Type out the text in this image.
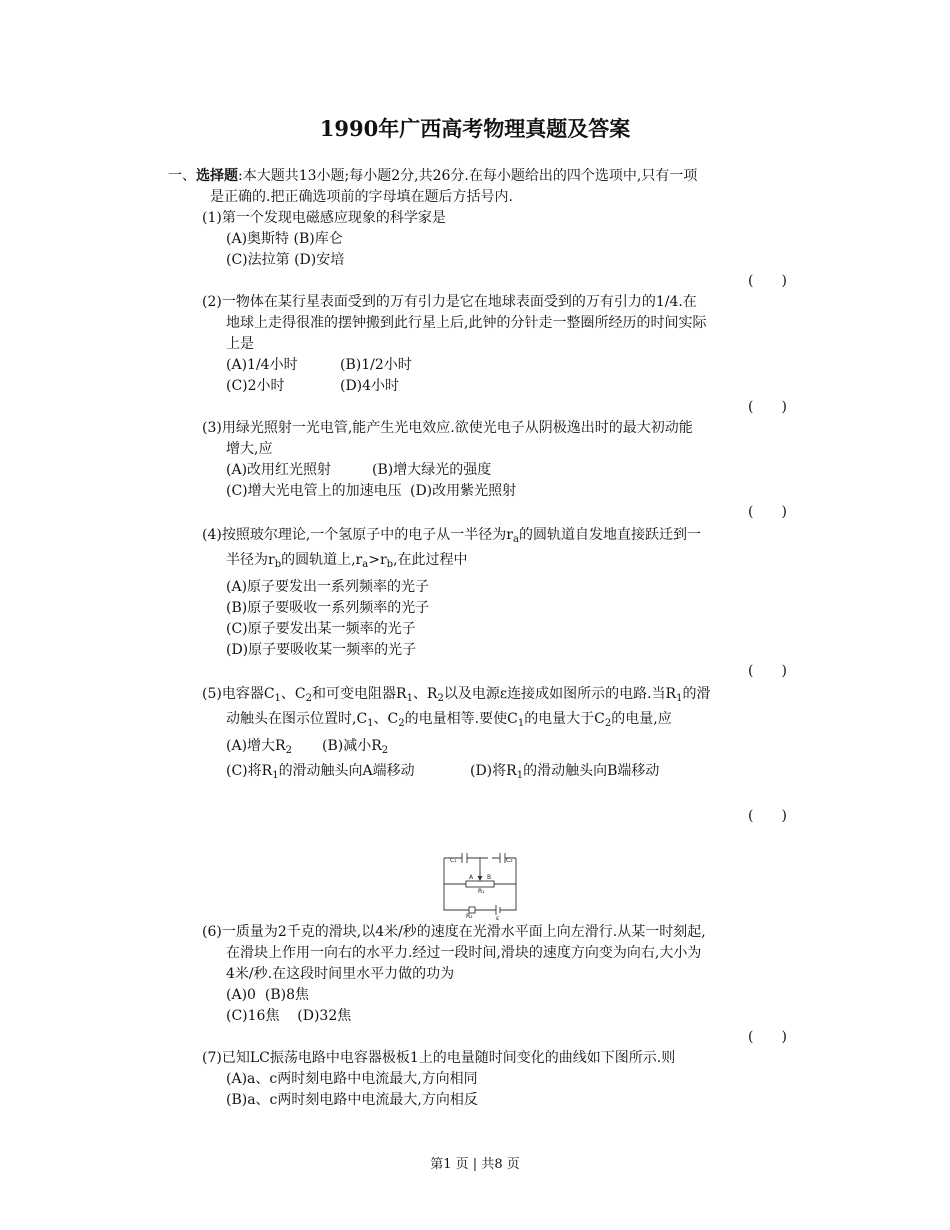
1990年广西高考物理真题及答案
一、选择题:本大题共13小题;每小题2分,共26分.在每小题给出的四个选项中,只有一项
是正确的.把正确选项前的字母填在题后方括号内.
(1)第一个发现电磁感应现象的科学家是
(A)奥斯特 (B)库仑
(C)法拉第 (D)安培
(　　)
(2)一物体在某行星表面受到的万有引力是它在地球表面受到的万有引力的1/4.在
地球上走得很准的摆钟搬到此行星上后,此钟的分针走一整圈所经历的时间实际
上是
(A)1/4小时	(B)1/2小时
(C)2小时	(D)4小时
(　　)
(3)用绿光照射一光电管,能产生光电效应.欲使光电子从阴极逸出时的最大初动能
增大,应
(A)改用红光照射	(B)增大绿光的强度
(C)增大光电管上的加速电压 (D)改用紫光照射
(　　)
(4)按照玻尔理论,一个氢原子中的电子从一半径为$r_a$的圆轨道自发地直接跃迁到一
半径为$r_b$的圆轨道上$,r_a>r_b$,在此过程中
(A)原子要发出一系列频率的光子
(B)原子要吸收一系列频率的光子
(C)原子要发出某一频率的光子
(D)原子要吸收某一频率的光子
(　　)
(5)电容器$C_1$、$C_2$和可变电阻器$R_1$、$R_2$以及电源ε连接成如图所示的电路.当$R_1$的滑
动触头在图示位置时$,C_1$、$C_2$的电量相等.要使$C_1$的电量大于$C_2$的电量,应
(A)增大$R_2$ (B)减小$R_2$
(C)将$R_1$的滑动触头向A端移动	(D)将$R_1$的滑动触头向B端移动
(　　)
C₁	C₂
A B
R₁
R₂	ε
(6)一质量为2千克的滑块,以4米/秒的速度在光滑水平面上向左滑行.从某一时刻起,
在滑块上作用一向右的水平力.经过一段时间,滑块的速度方向变为向右,大小为
4米/秒.在这段时间里水平力做的功为
(A)0 (B)8焦
(C)16焦 (D)32焦
(　　)
(7)已知LC振荡电路中电容器极板1上的电量随时间变化的曲线如下图所示.则
(A)a、c两时刻电路中电流最大,方向相同
(B)a、c两时刻电路中电流最大,方向相反
第1 页 | 共8 页
